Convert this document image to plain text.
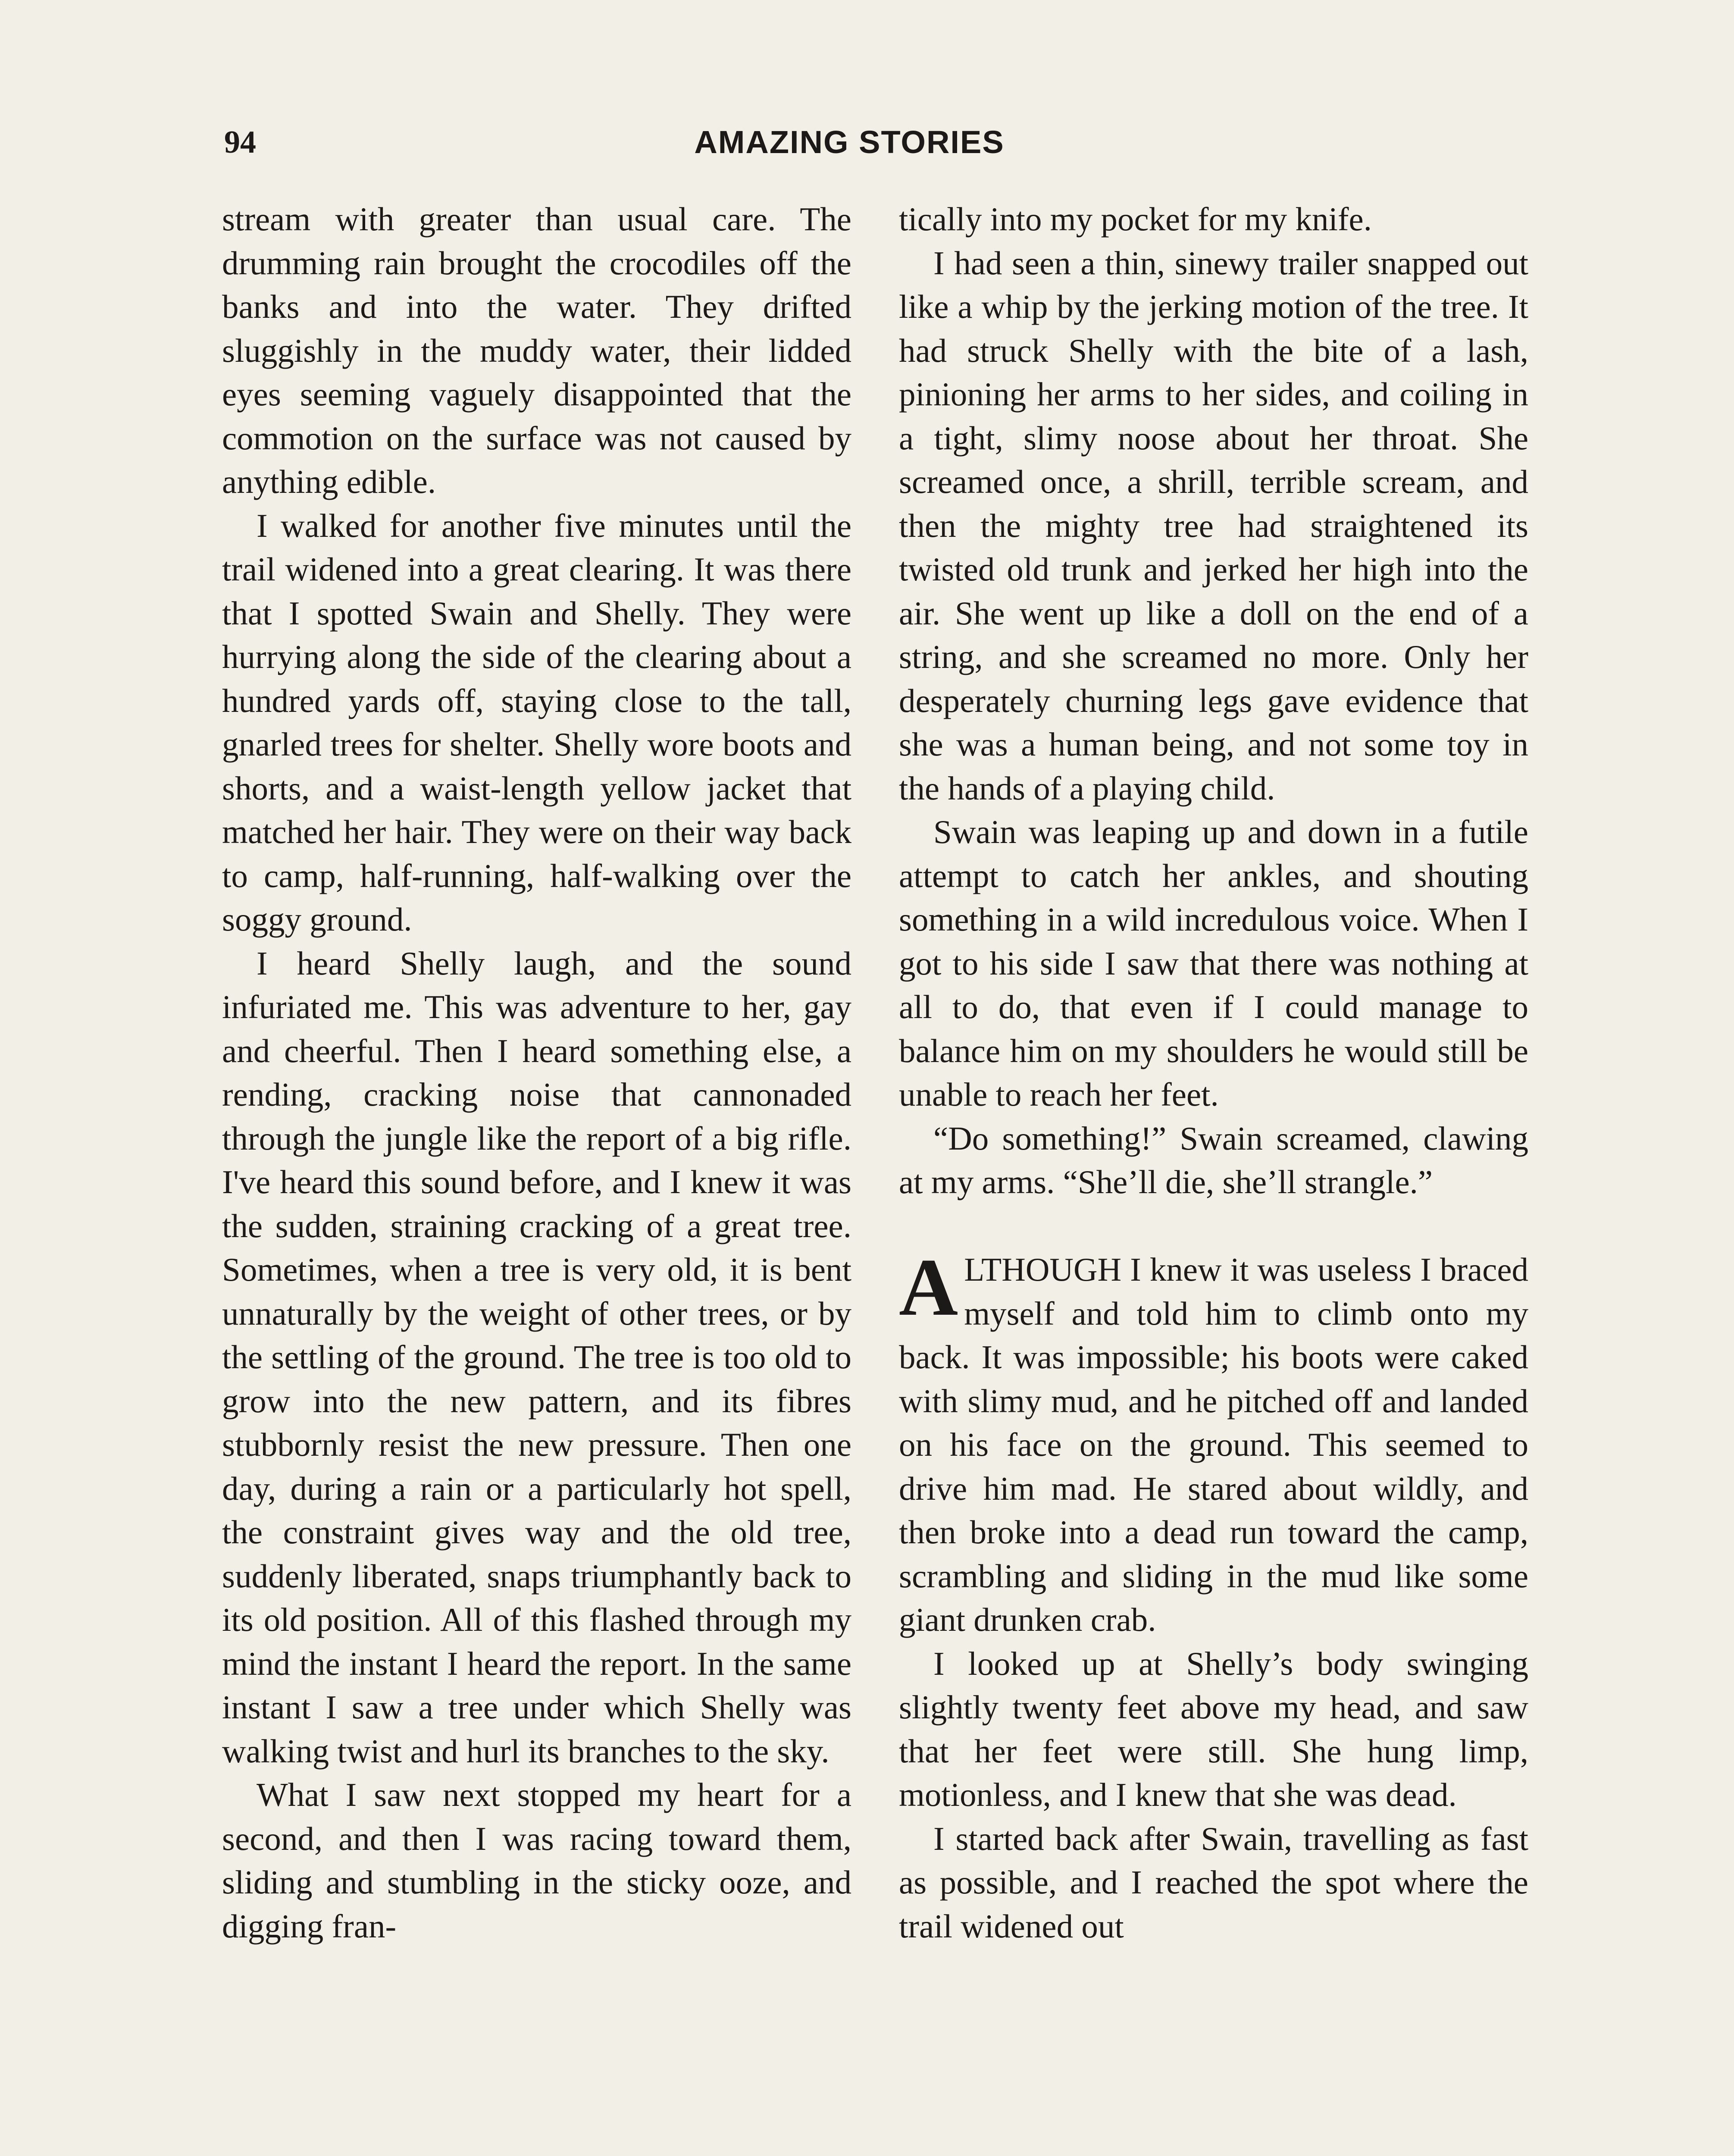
94	AMAZING STORIES

stream with greater than usual care. The drumming rain brought the crocodiles off the banks and into the water. They drifted sluggishly in the muddy water, their lidded eyes seeming vaguely disappointed that the commotion on the surface was not caused by anything edible.

I walked for another five minutes until the trail widened into a great clearing. It was there that I spotted Swain and Shelly. They were hurrying along the side of the clearing about a hundred yards off, staying close to the tall, gnarled trees for shelter. Shelly wore boots and shorts, and a waist-length yellow jacket that matched her hair. They were on their way back to camp, half-running, half-walking over the soggy ground.

I heard Shelly laugh, and the sound infuriated me. This was adventure to her, gay and cheerful. Then I heard something else, a rending, cracking noise that cannonaded through the jungle like the report of a big rifle. I've heard this sound before, and I knew it was the sudden, straining cracking of a great tree. Sometimes, when a tree is very old, it is bent unnaturally by the weight of other trees, or by the settling of the ground. The tree is too old to grow into the new pattern, and its fibres stubbornly resist the new pressure. Then one day, during a rain or a particularly hot spell, the constraint gives way and the old tree, suddenly liberated, snaps triumphantly back to its old position. All of this flashed through my mind the instant I heard the report. In the same instant I saw a tree under which Shelly was walking twist and hurl its branches to the sky.

What I saw next stopped my heart for a second, and then I was racing toward them, sliding and stumbling in the sticky ooze, and digging fran-

tically into my pocket for my knife.

I had seen a thin, sinewy trailer snapped out like a whip by the jerking motion of the tree. It had struck Shelly with the bite of a lash, pinioning her arms to her sides, and coiling in a tight, slimy noose about her throat. She screamed once, a shrill, terrible scream, and then the mighty tree had straightened its twisted old trunk and jerked her high into the air. She went up like a doll on the end of a string, and she screamed no more. Only her desperately churning legs gave evidence that she was a human being, and not some toy in the hands of a playing child.

Swain was leaping up and down in a futile attempt to catch her ankles, and shouting something in a wild incredulous voice. When I got to his side I saw that there was nothing at all to do, that even if I could manage to balance him on my shoulders he would still be unable to reach her feet.

“Do something!” Swain screamed, clawing at my arms. “She’ll die, she’ll strangle.”

ALTHOUGH I knew it was useless I braced myself and told him to climb onto my back. It was impossible; his boots were caked with slimy mud, and he pitched off and landed on his face on the ground. This seemed to drive him mad. He stared about wildly, and then broke into a dead run toward the camp, scrambling and sliding in the mud like some giant drunken crab.

I looked up at Shelly’s body swinging slightly twenty feet above my head, and saw that her feet were still. She hung limp, motionless, and I knew that she was dead.

I started back after Swain, travelling as fast as possible, and I reached the spot where the trail widened out
